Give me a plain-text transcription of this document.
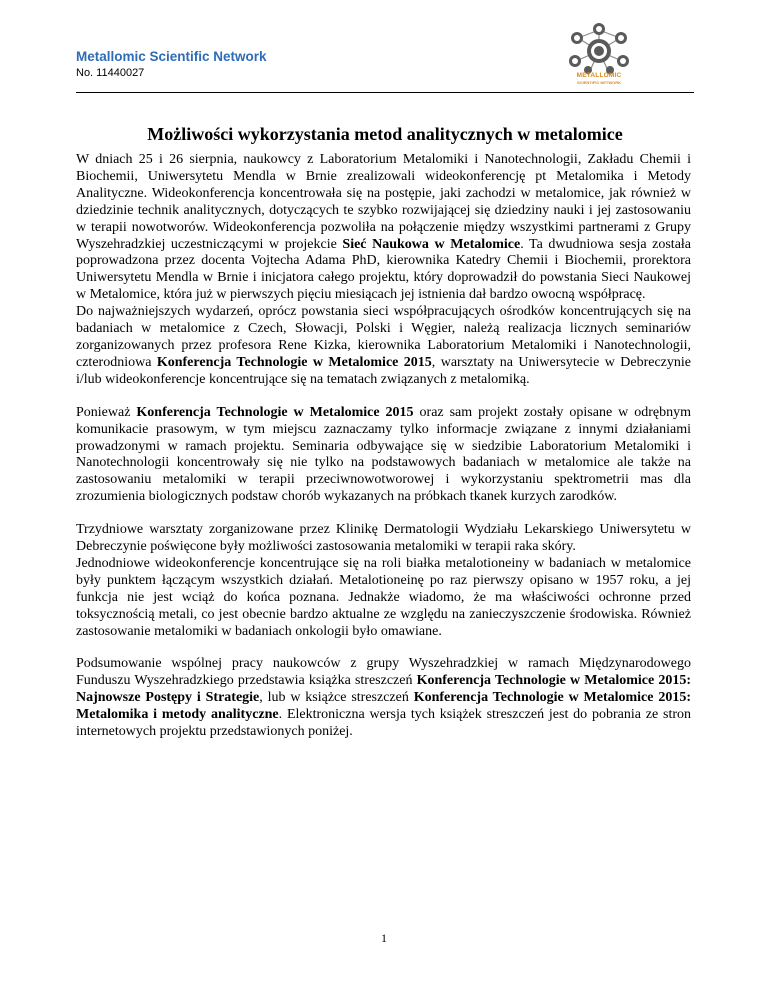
Metallomic Scientific Network
No. 11440027	METALLOMIC
SCIENTIFIC NETWORK
Możliwości wykorzystania metod analitycznych w metalomice

W dniach 25 i 26 sierpnia, naukowcy z Laboratorium Metalomiki i Nanotechnologii, Zakładu Chemii i Biochemii, Uniwersytetu Mendla w Brnie zrealizowali wideokonferencję pt Metalomika i Metody Analityczne. Wideokonferencja koncentrowała się na postępie, jaki zachodzi w metalomice, jak również w dziedzinie technik analitycznych, dotyczących te szybko rozwijającej się dziedziny nauki i jej zastosowaniu w terapii nowotworów. Wideokonferencja pozwoliła na połączenie między wszystkimi partnerami z Grupy Wyszehradzkiej uczestniczącymi w projekcie Sieć Naukowa w Metalomice. Ta dwudniowa sesja została poprowadzona przez docenta Vojtecha Adama PhD, kierownika Katedry Chemii i Biochemii, prorektora Uniwersytetu Mendla w Brnie i inicjatora całego projektu, który doprowadził do powstania Sieci Naukowej w Metalomice, która już w pierwszych pięciu miesiącach jej istnienia dał bardzo owocną współpracę.

Do najważniejszych wydarzeń, oprócz powstania sieci współpracujących ośrodków koncentrujących się na badaniach w metalomice z Czech, Słowacji, Polski i Węgier, należą realizacja licznych seminariów zorganizowanych przez profesora Rene Kizka, kierownika Laboratorium Metalomiki i Nanotechnologii, czterodniowa Konferencja Technologie w Metalomice 2015, warsztaty na Uniwersytecie w Debreczynie i/lub wideokonferencje koncentrujące się na tematach związanych z metalomiką.

Ponieważ Konferencja Technologie w Metalomice 2015 oraz sam projekt zostały opisane w odrębnym komunikacie prasowym, w tym miejscu zaznaczamy tylko informacje związane z innymi działaniami prowadzonymi w ramach projektu. Seminaria odbywające się w siedzibie Laboratorium Metalomiki i Nanotechnologii koncentrowały się nie tylko na podstawowych badaniach w metalomice ale także na zastosowaniu metalomiki w terapii przeciwnowotworowej i wykorzystaniu spektrometrii mas dla zrozumienia biologicznych podstaw chorób wykazanych na próbkach tkanek kurzych zarodków.

Trzydniowe warsztaty zorganizowane przez Klinikę Dermatologii Wydziału Lekarskiego Uniwersytetu w Debreczynie poświęcone były możliwości zastosowania metalomiki w terapii raka skóry.

Jednodniowe wideokonferencje koncentrujące się na roli białka metalotioneiny w badaniach w metalomice były punktem łączącym wszystkich działań. Metalotioneinę po raz pierwszy opisano w 1957 roku, a jej funkcja nie jest wciąż do końca poznana. Jednakże wiadomo, że ma właściwości ochronne przed toksycznością metali, co jest obecnie bardzo aktualne ze względu na zanieczyszczenie środowiska. Również zastosowanie metalomiki w badaniach onkologii było omawiane.

Podsumowanie wspólnej pracy naukowców z grupy Wyszehradzkiej w ramach Międzynarodowego Funduszu Wyszehradzkiego przedstawia książka streszczeń Konferencja Technologie w Metalomice 2015: Najnowsze Postępy i Strategie, lub w książce streszczeń Konferencja Technologie w Metalomice 2015: Metalomika i metody analityczne. Elektroniczna wersja tych książek streszczeń jest do pobrania ze stron internetowych projektu przedstawionych poniżej.

1
